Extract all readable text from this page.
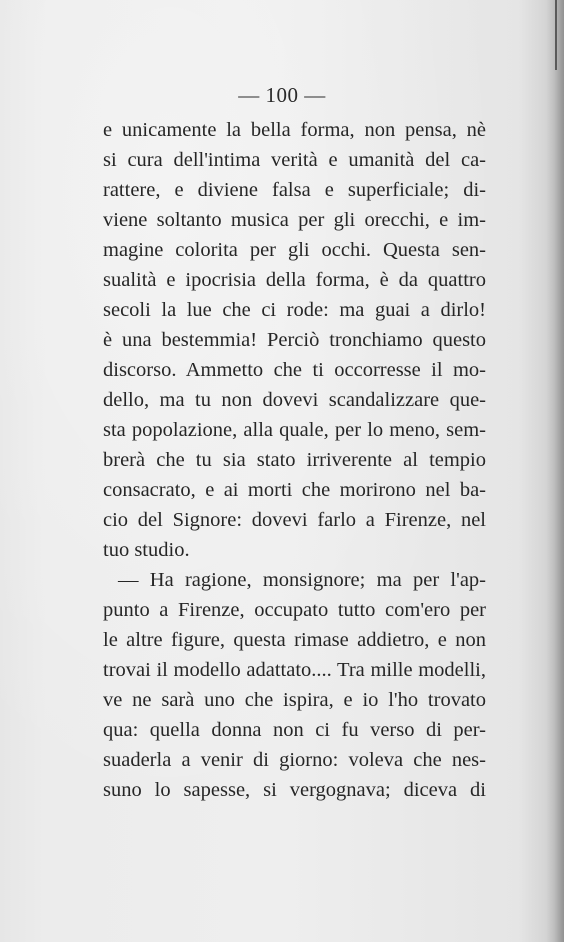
— 100 —
e unicamente la bella forma, non pensa, nè
si cura dell'intima verità e umanità del ca-
rattere, e diviene falsa e superficiale; di-
viene soltanto musica per gli orecchi, e im-
magine colorita per gli occhi. Questa sen-
sualità e ipocrisia della forma, è da quattro
secoli la lue che ci rode: ma guai a dirlo!
è una bestemmia! Perciò tronchiamo questo
discorso. Ammetto che ti occorresse il mo-
dello, ma tu non dovevi scandalizzare que-
sta popolazione, alla quale, per lo meno, sem-
brerà che tu sia stato irriverente al tempio
consacrato, e ai morti che morirono nel ba-
cio del Signore: dovevi farlo a Firenze, nel
tuo studio.
— Ha ragione, monsignore; ma per l'ap-
punto a Firenze, occupato tutto com'ero per
le altre figure, questa rimase addietro, e non
trovai il modello adattato.... Tra mille modelli,
ve ne sarà uno che ispira, e io l'ho trovato
qua: quella donna non ci fu verso di per-
suaderla a venir di giorno: voleva che nes-
suno lo sapesse, si vergognava; diceva di
